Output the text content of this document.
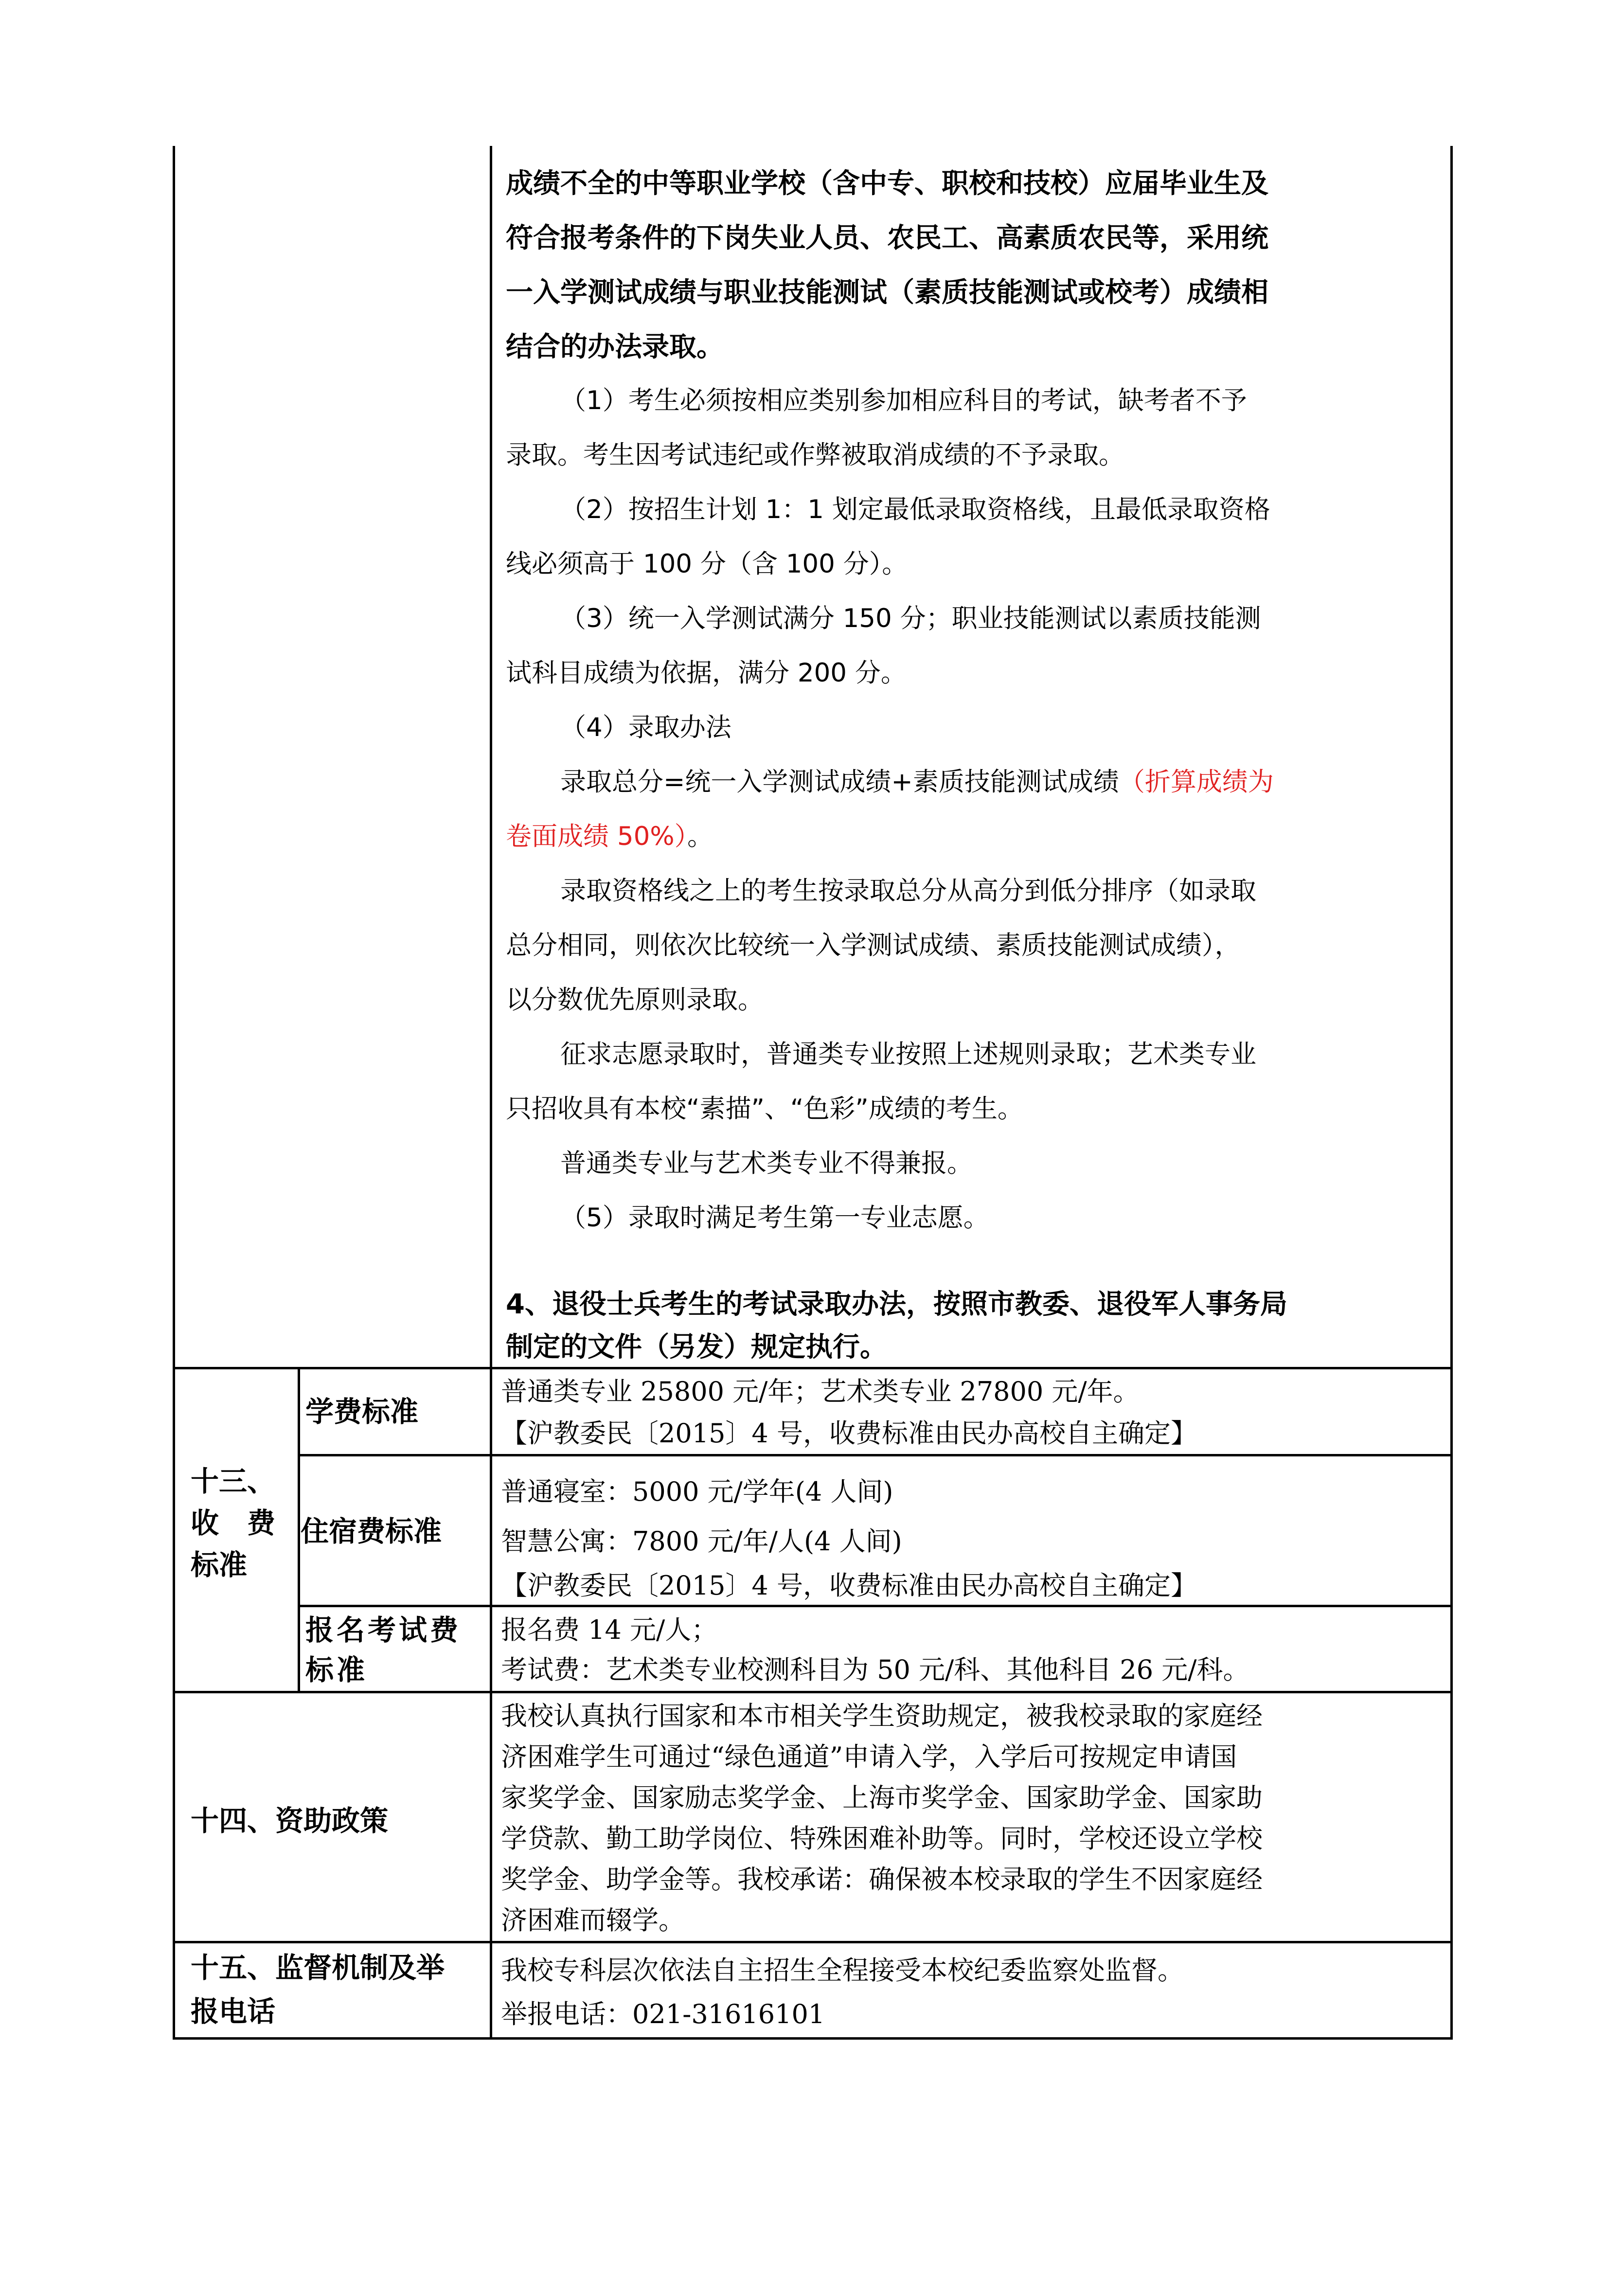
成绩不全的中等职业学校（含中专、职校和技校）应届毕业生及
符合报考条件的下岗失业人员、农民工、高素质农民等，采用统
一入学测试成绩与职业技能测试（素质技能测试或校考）成绩相
结合的办法录取。
（1）考生必须按相应类别参加相应科目的考试，缺考者不予
录取。考生因考试违纪或作弊被取消成绩的不予录取。
（2）按招生计划 1：1 划定最低录取资格线，且最低录取资格
线必须高于 100 分（含 100 分）。
（3）统一入学测试满分 150 分；职业技能测试以素质技能测
试科目成绩为依据，满分 200 分。
（4）录取办法
录取总分=统一入学测试成绩+素质技能测试成绩（折算成绩为
卷面成绩 50%）。
录取资格线之上的考生按录取总分从高分到低分排序（如录取
总分相同，则依次比较统一入学测试成绩、素质技能测试成绩），
以分数优先原则录取。
征求志愿录取时，普通类专业按照上述规则录取；艺术类专业
只招收具有本校“素描”、“色彩”成绩的考生。
普通类专业与艺术类专业不得兼报。
（5）录取时满足考生第一专业志愿。
4、退役士兵考生的考试录取办法，按照市教委、退役军人事务局
制定的文件（另发）规定执行。
十三、
收　费
标准
学费标准
普通类专业 25800 元/年；艺术类专业 27800 元/年。
【沪教委民〔2015〕4 号，收费标准由民办高校自主确定】
住宿费标准
普通寝室：5000 元/学年(4 人间)
智慧公寓：7800 元/年/人(4 人间)
【沪教委民〔2015〕4 号，收费标准由民办高校自主确定】
报名考试费
标准
报名费 14 元/人；
考试费：艺术类专业校测科目为 50 元/科、其他科目 26 元/科。
十四、资助政策
我校认真执行国家和本市相关学生资助规定，被我校录取的家庭经
济困难学生可通过“绿色通道”申请入学，入学后可按规定申请国
家奖学金、国家励志奖学金、上海市奖学金、国家助学金、国家助
学贷款、勤工助学岗位、特殊困难补助等。同时，学校还设立学校
奖学金、助学金等。我校承诺：确保被本校录取的学生不因家庭经
济困难而辍学。
十五、监督机制及举
报电话
我校专科层次依法自主招生全程接受本校纪委监察处监督。
举报电话：021-31616101
